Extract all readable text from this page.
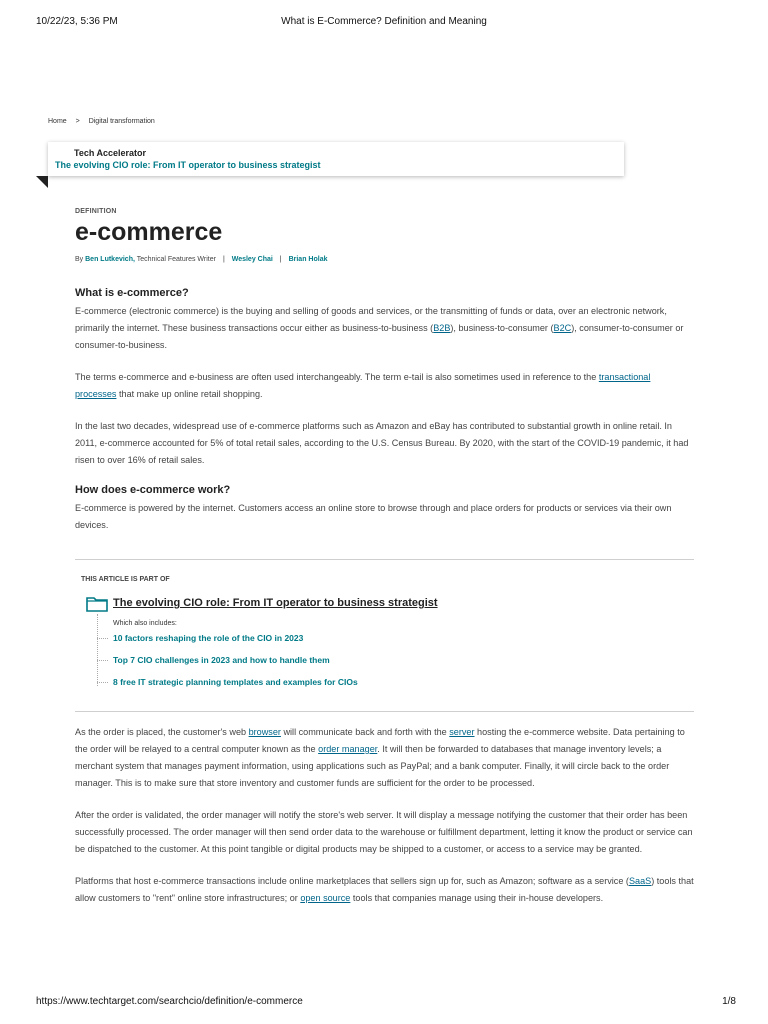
10/22/23, 5:36 PM	What is E-Commerce? Definition and Meaning
Home > Digital transformation
Tech Accelerator
The evolving CIO role: From IT operator to business strategist

DEFINITION

e-commerce
By Ben Lutkevich, Technical Features Writer | Wesley Chai | Brian Holak
What is e-commerce?

E-commerce (electronic commerce) is the buying and selling of goods and services, or the transmitting of funds or data, over an electronic network, primarily the internet. These business transactions occur either as business-to-business (B2B), business-to-consumer (B2C), consumer-to-consumer or consumer-to-business.

The terms e-commerce and e-business are often used interchangeably. The term e-tail is also sometimes used in reference to the transactional processes that make up online retail shopping.

In the last two decades, widespread use of e-commerce platforms such as Amazon and eBay has contributed to substantial growth in online retail. In 2011, e-commerce accounted for 5% of total retail sales, according to the U.S. Census Bureau. By 2020, with the start of the COVID-19 pandemic, it had risen to over 16% of retail sales.

How does e-commerce work?

E-commerce is powered by the internet. Customers access an online store to browse through and place orders for products or services via their own devices.

THIS ARTICLE IS PART OF
The evolving CIO role: From IT operator to business strategist
Which also includes:
10 factors reshaping the role of the CIO in 2023
Top 7 CIO challenges in 2023 and how to handle them
8 free IT strategic planning templates and examples for CIOs

As the order is placed, the customer's web browser will communicate back and forth with the server hosting the e-commerce website. Data pertaining to the order will be relayed to a central computer known as the order manager. It will then be forwarded to databases that manage inventory levels; a merchant system that manages payment information, using applications such as PayPal; and a bank computer. Finally, it will circle back to the order manager. This is to make sure that store inventory and customer funds are sufficient for the order to be processed.

After the order is validated, the order manager will notify the store's web server. It will display a message notifying the customer that their order has been successfully processed. The order manager will then send order data to the warehouse or fulfillment department, letting it know the product or service can be dispatched to the customer. At this point tangible or digital products may be shipped to a customer, or access to a service may be granted.

Platforms that host e-commerce transactions include online marketplaces that sellers sign up for, such as Amazon; software as a service (SaaS) tools that allow customers to "rent" online store infrastructures; or open source tools that companies manage using their in-house developers.

https://www.techtarget.com/searchcio/definition/e-commerce	1/8
